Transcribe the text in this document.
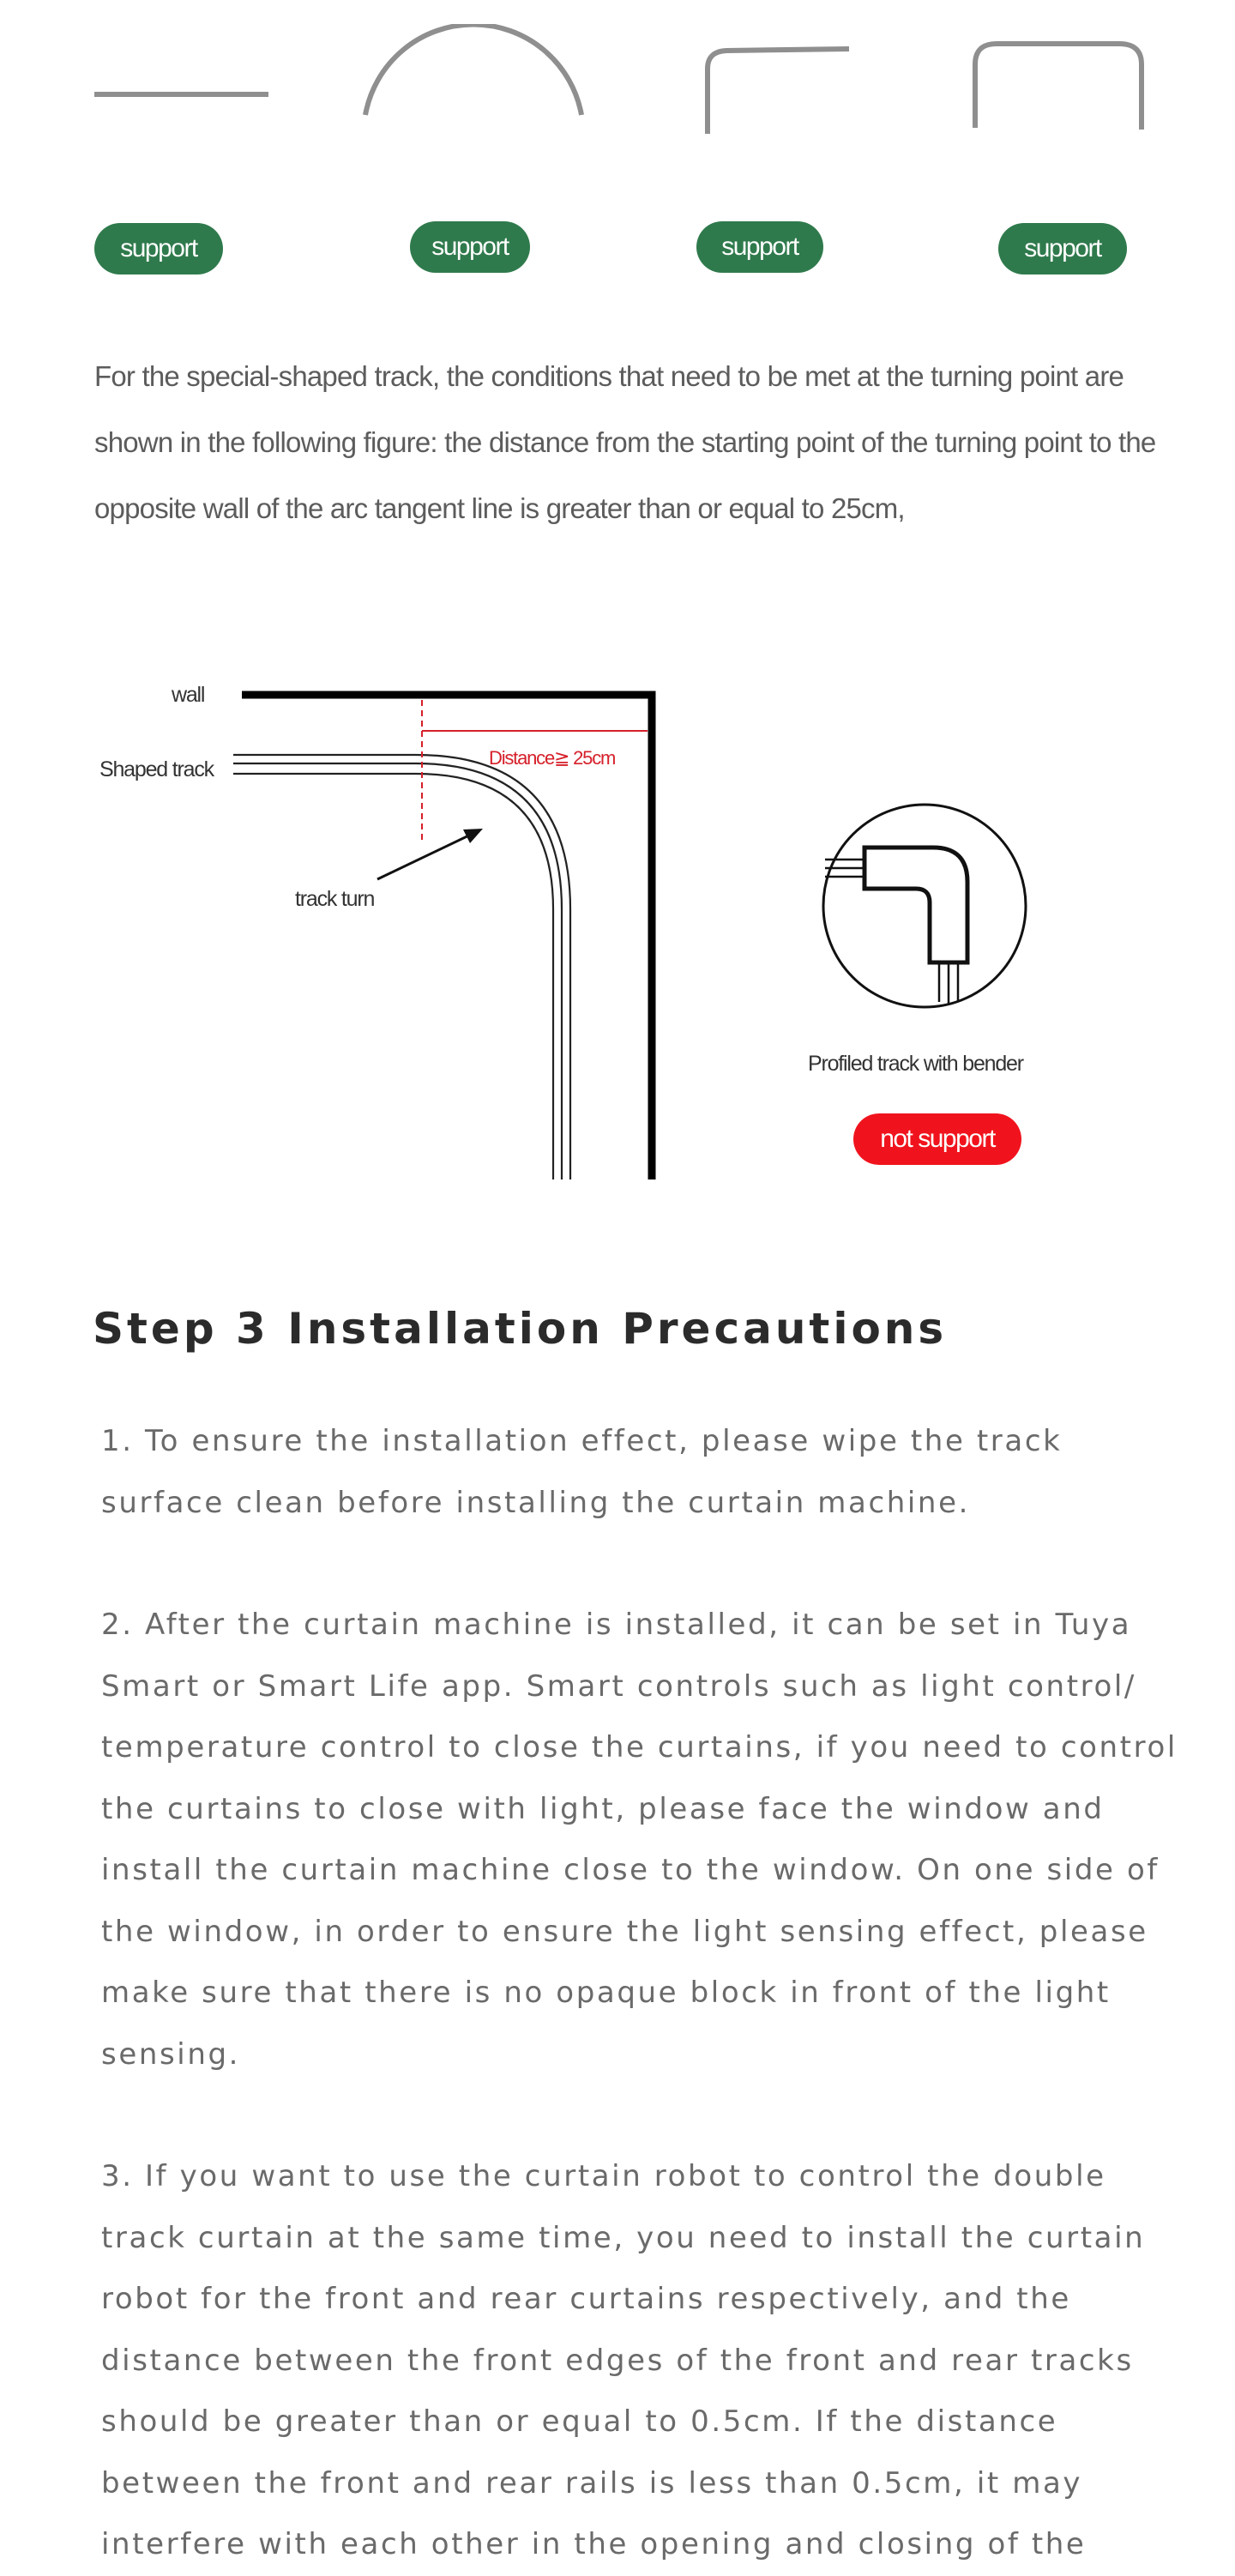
support	support	support	support
For the special-shaped track, the conditions that need to be met at the turning point are shown in the following figure: the distance from the starting point of the turning point to the opposite wall of the arc tangent line is greater than or equal to 25cm,
wall
Shaped track
track turn
Distance≧ 25cm
Profiled track with bender
not support
Step 3 Installation Precautions
1. To ensure the installation effect, please wipe the track surface clean before installing the curtain machine.
2. After the curtain machine is installed, it can be set in Tuya Smart or Smart Life app. Smart controls such as light control/ temperature control to close the curtains, if you need to control the curtains to close with light, please face the window and install the curtain machine close to the window. On one side of the window, in order to ensure the light sensing effect, please make sure that there is no opaque block in front of the light sensing.
3. If you want to use the curtain robot to control the double track curtain at the same time, you need to install the curtain robot for the front and rear curtains respectively, and the distance between the front edges of the front and rear tracks should be greater than or equal to 0.5cm. If the distance between the front and rear rails is less than 0.5cm, it may interfere with each other in the opening and closing of the
